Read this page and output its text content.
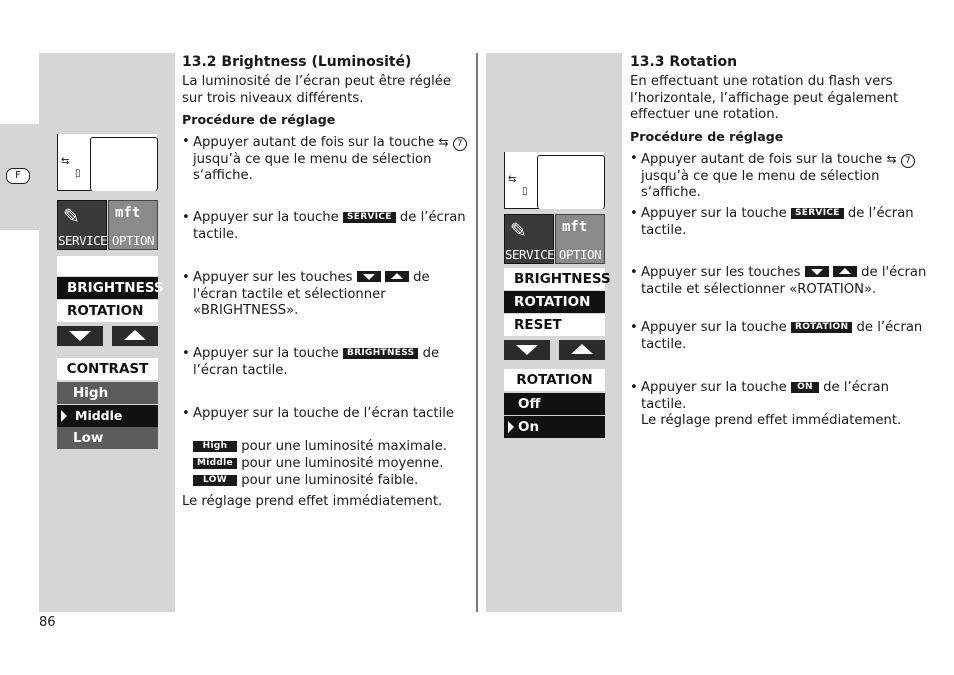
F
86
⇆
▯
✎
SERVICE
mft
OPTION
BRIGHTNESS
ROTATION
CONTRAST
High
Middle
Low
⇆
▯
✎
SERVICE
mft
OPTION
BRIGHTNESS
ROTATION
RESET
ROTATION
Off
On
13.2 Brightness (Luminosité)
La luminosité de l’écran peut être réglée sur trois niveaux différents.
Procédure de réglage
• Appuyer autant de fois sur la touche ⇆ 7 jusqu’à ce que le menu de sélection s‘affiche.
• Appuyer sur la touche SERVICE de l’écran tactile.
• Appuyer sur les touches	de l'écran tactile et sélectionner «BRIGHTNESS».
• Appuyer sur la touche BRIGHTNESS de l’écran tactile.
• Appuyer sur la touche de l’écran tactile
High pour une luminosité maximale.
Middle pour une luminosité moyenne.
LOW pour une luminosité faible.
Le réglage prend effet immédiatement.
13.3 Rotation
En effectuant une rotation du flash vers l’horizontale, l’affichage peut également effectuer une rotation.
Procédure de réglage
• Appuyer autant de fois sur la touche ⇆ 7 jusqu’à ce que le menu de sélection s‘affiche.
• Appuyer sur la touche SERVICE de l’écran tactile.
• Appuyer sur les touches	de l'écran tactile et sélectionner «ROTATION».
• Appuyer sur la touche ROTATION de l’écran tactile.
• Appuyer sur la touche ON de l’écran tactile.
Le réglage prend effet immédiatement.
